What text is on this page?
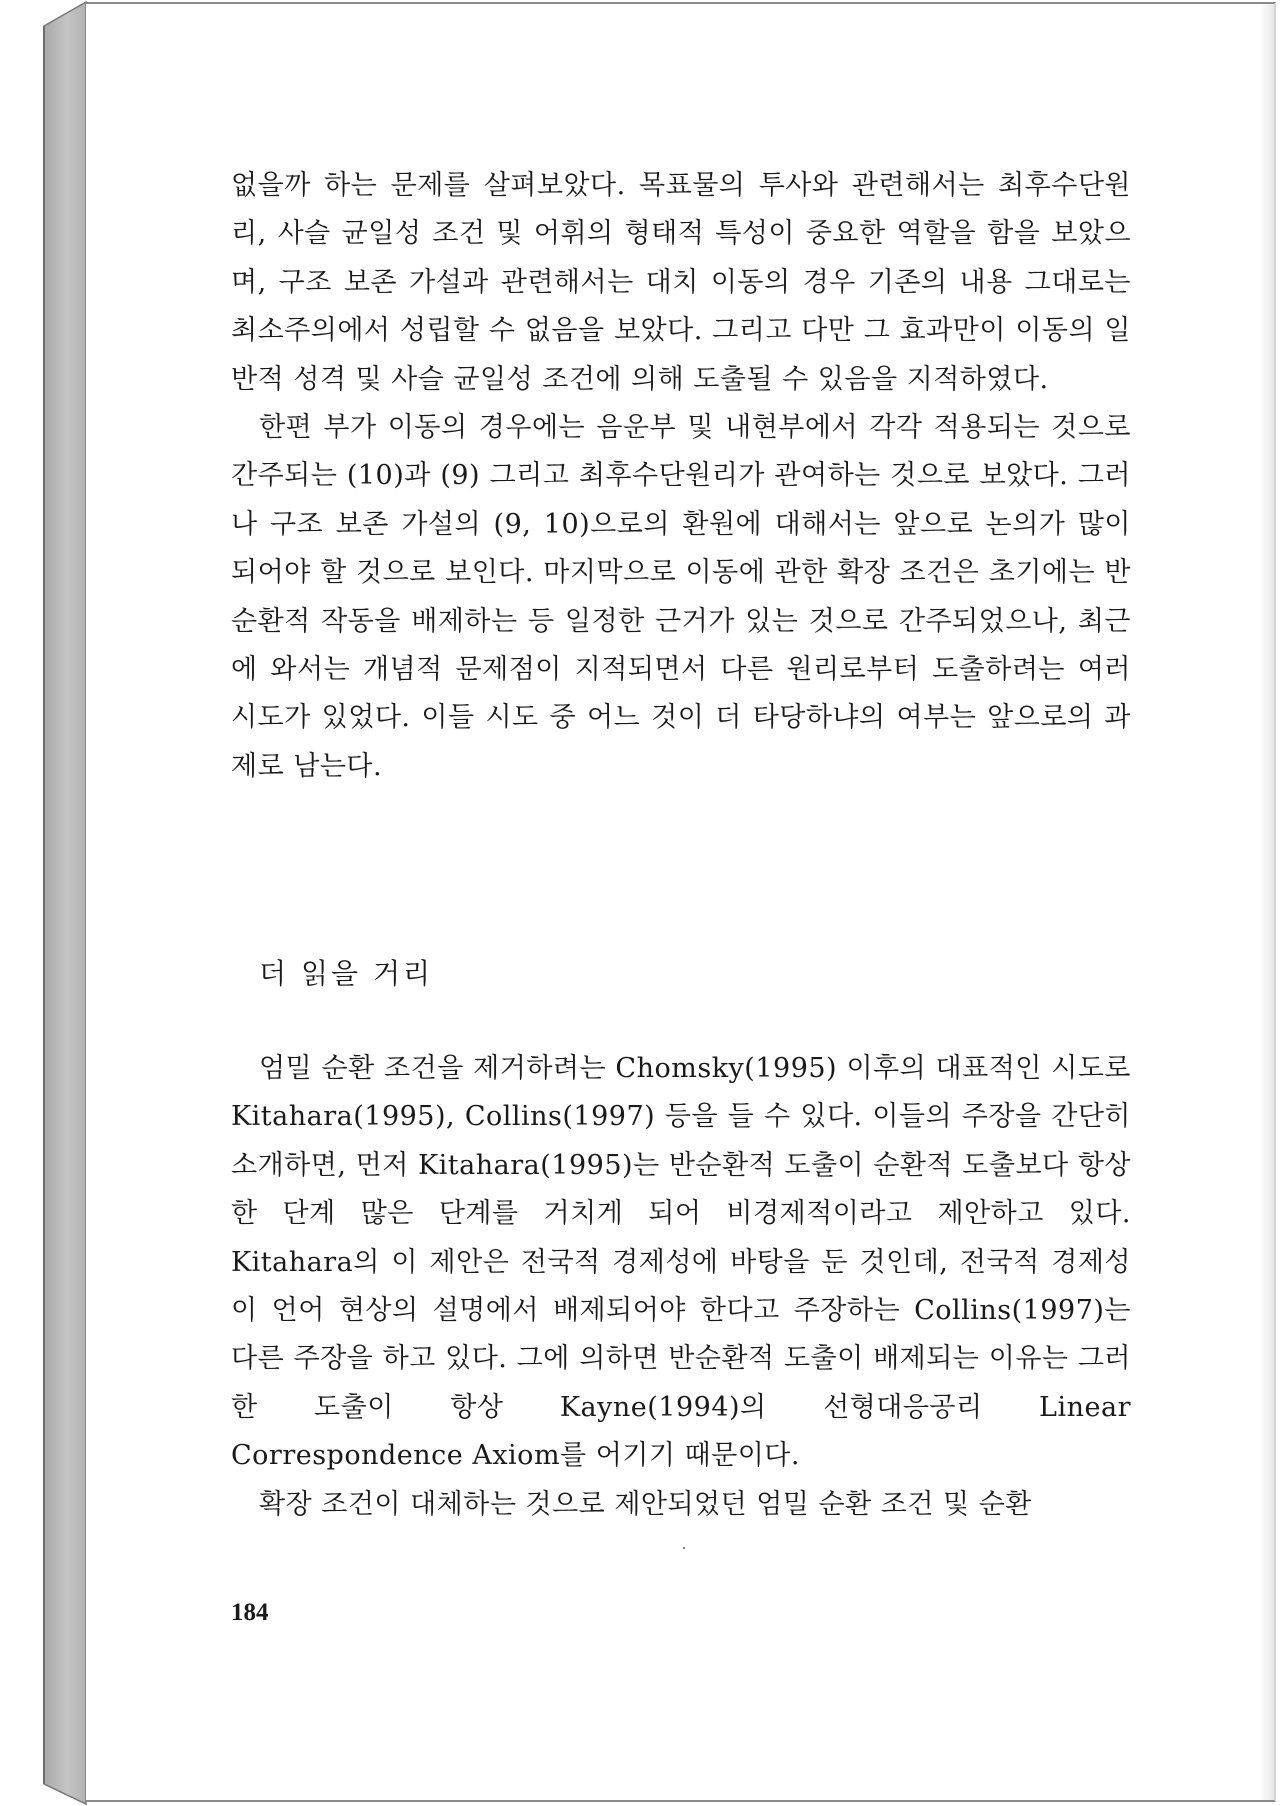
없을까 하는 문제를 살펴보았다. 목표물의 투사와 관련해서는 최후수단원리, 사슬 균일성 조건 및 어휘의 형태적 특성이 중요한 역할을 함을 보았으며, 구조 보존 가설과 관련해서는 대치 이동의 경우 기존의 내용 그대로는 최소주의에서 성립할 수 없음을 보았다. 그리고 다만 그 효과만이 이동의 일반적 성격 및 사슬 균일성 조건에 의해 도출될 수 있음을 지적하였다.

한편 부가 이동의 경우에는 음운부 및 내현부에서 각각 적용되는 것으로 간주되는 (10)과 (9) 그리고 최후수단원리가 관여하는 것으로 보았다. 그러나 구조 보존 가설의 (9, 10)으로의 환원에 대해서는 앞으로 논의가 많이 되어야 할 것으로 보인다. 마지막으로 이동에 관한 확장 조건은 초기에는 반순환적 작동을 배제하는 등 일정한 근거가 있는 것으로 간주되었으나, 최근에 와서는 개념적 문제점이 지적되면서 다른 원리로부터 도출하려는 여러 시도가 있었다. 이들 시도 중 어느 것이 더 타당하냐의 여부는 앞으로의 과제로 남는다.

더 읽을 거리

엄밀 순환 조건을 제거하려는 Chomsky(1995) 이후의 대표적인 시도로 Kitahara(1995), Collins(1997) 등을 들 수 있다. 이들의 주장을 간단히 소개하면, 먼저 Kitahara(1995)는 반순환적 도출이 순환적 도출보다 항상 한 단계 많은 단계를 거치게 되어 비경제적이라고 제안하고 있다. Kitahara의 이 제안은 전국적 경제성에 바탕을 둔 것인데, 전국적 경제성이 언어 현상의 설명에서 배제되어야 한다고 주장하는 Collins(1997)는 다른 주장을 하고 있다. 그에 의하면 반순환적 도출이 배제되는 이유는 그러한 도출이 항상 Kayne(1994)의 선형대응공리 Linear Correspondence Axiom를 어기기 때문이다.

확장 조건이 대체하는 것으로 제안되었던 엄밀 순환 조건 및 순환

184
